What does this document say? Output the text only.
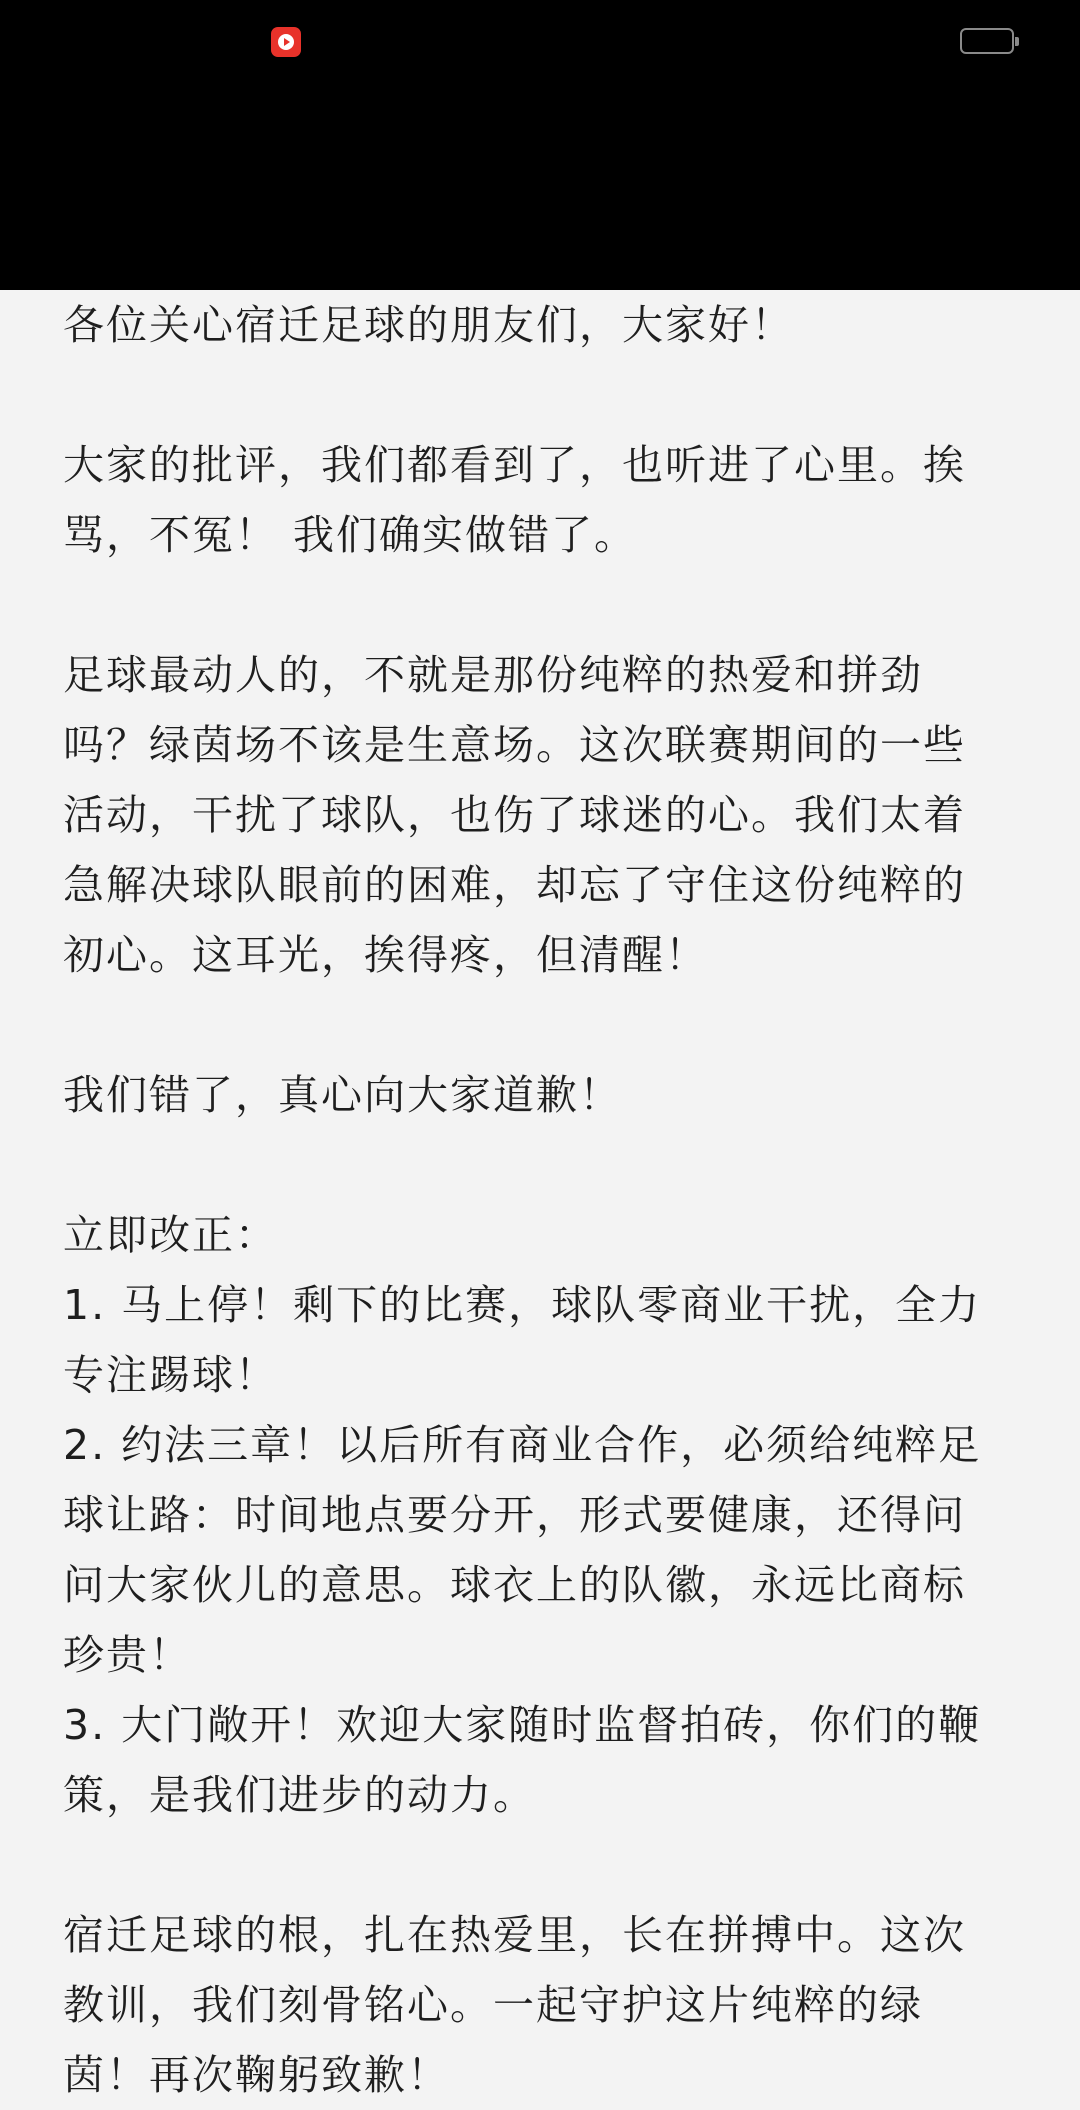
各位关心宿迁足球的朋友们，大家好！

大家的批评，我们都看到了，也听进了心里。挨
骂，不冤！ 我们确实做错了。

足球最动人的，不就是那份纯粹的热爱和拼劲
吗？绿茵场不该是生意场。这次联赛期间的一些
活动，干扰了球队，也伤了球迷的心。我们太着
急解决球队眼前的困难，却忘了守住这份纯粹的
初心。这耳光，挨得疼，但清醒！

我们错了，真心向大家道歉！

立即改正：
1. 马上停！剩下的比赛，球队零商业干扰，全力
专注踢球！
2. 约法三章！以后所有商业合作，必须给纯粹足
球让路：时间地点要分开，形式要健康，还得问
问大家伙儿的意思。球衣上的队徽，永远比商标
珍贵！
3. 大门敞开！欢迎大家随时监督拍砖，你们的鞭
策，是我们进步的动力。

宿迁足球的根，扎在热爱里，长在拼搏中。这次
教训，我们刻骨铭心。一起守护这片纯粹的绿
茵！再次鞠躬致歉！
